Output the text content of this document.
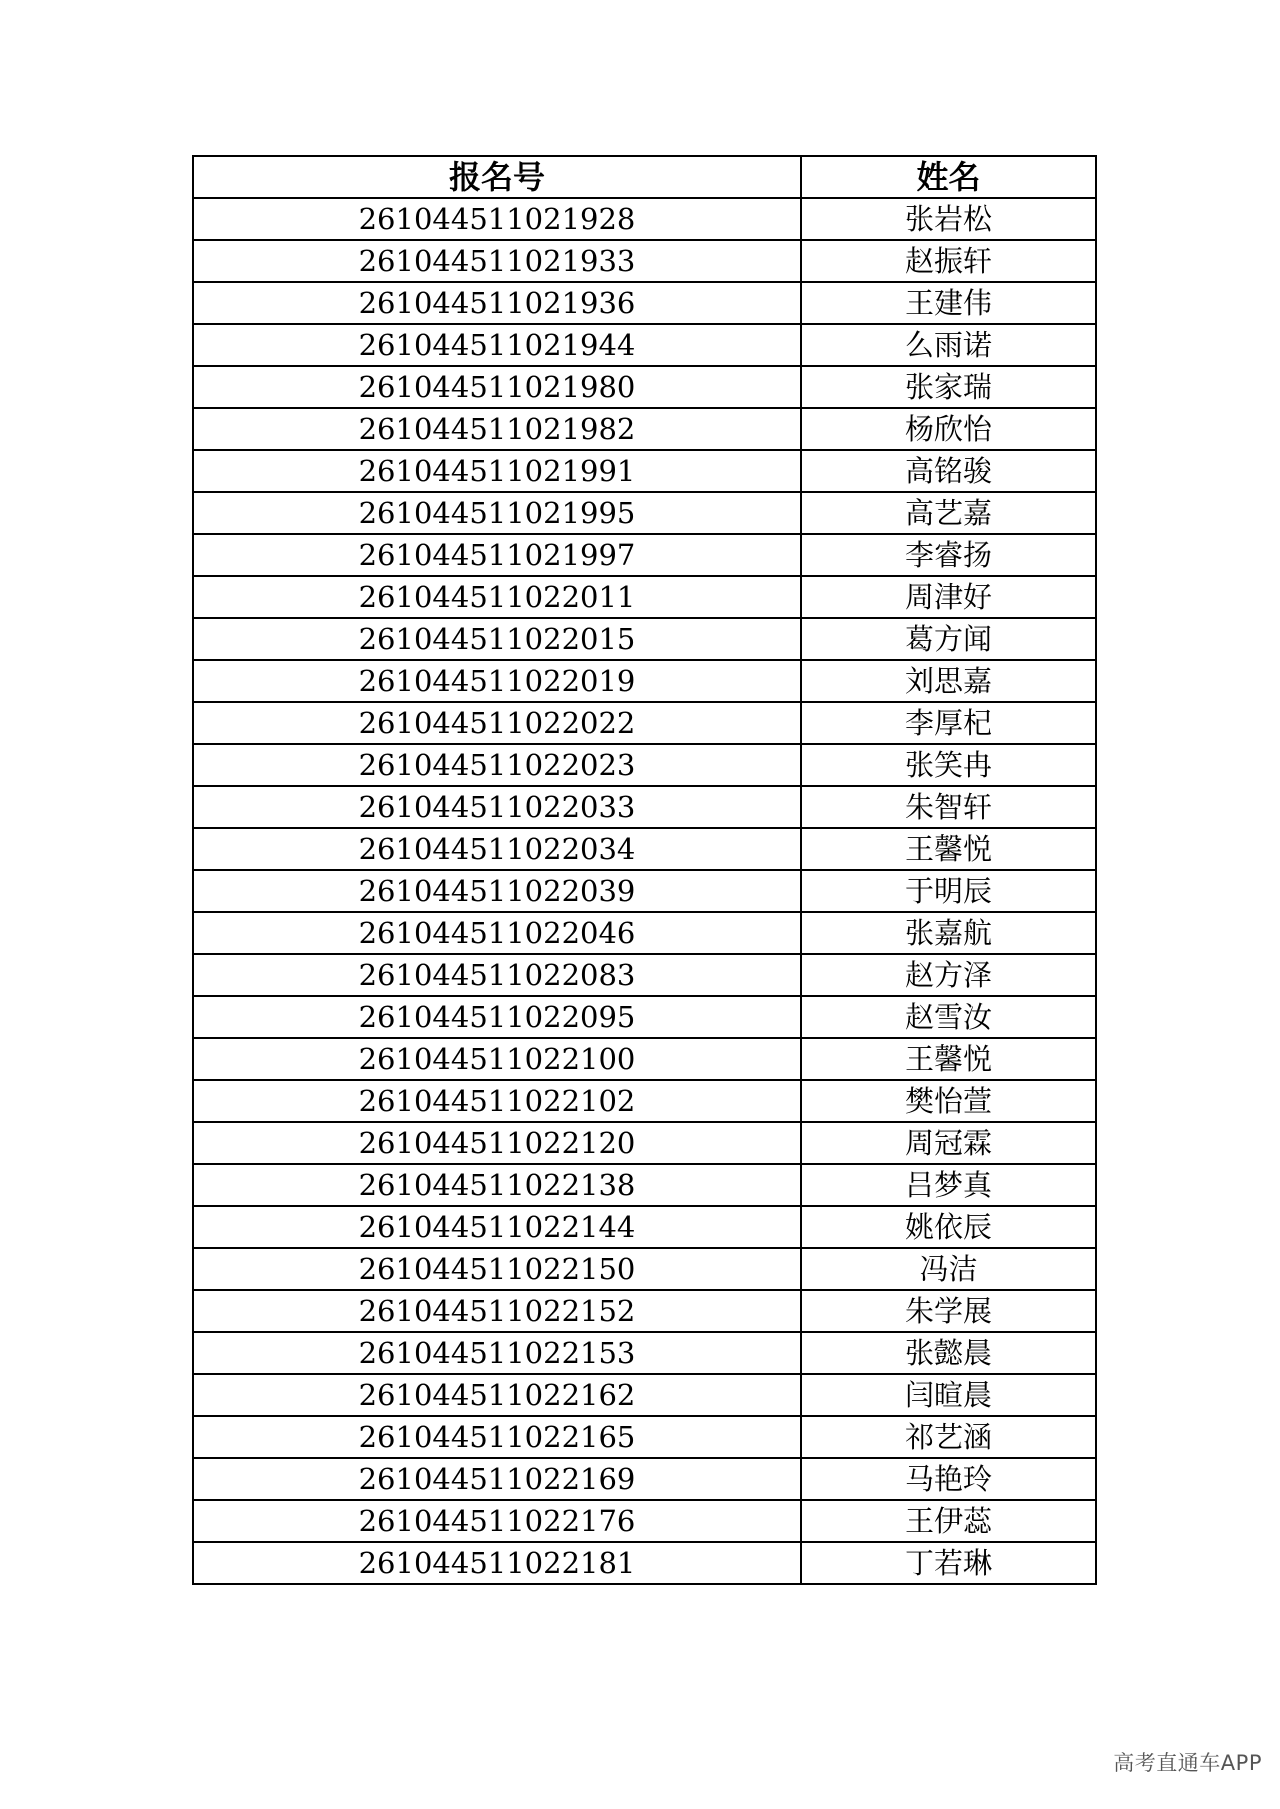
报名号	姓名
261044511021928	张岩松
261044511021933	赵振轩
261044511021936	王建伟
261044511021944	么雨诺
261044511021980	张家瑞
261044511021982	杨欣怡
261044511021991	高铭骏
261044511021995	高艺嘉
261044511021997	李睿扬
261044511022011	周津好
261044511022015	葛方闻
261044511022019	刘思嘉
261044511022022	李厚杞
261044511022023	张笑冉
261044511022033	朱智轩
261044511022034	王馨悦
261044511022039	于明辰
261044511022046	张嘉航
261044511022083	赵方泽
261044511022095	赵雪汝
261044511022100	王馨悦
261044511022102	樊怡萱
261044511022120	周冠霖
261044511022138	吕梦真
261044511022144	姚依辰
261044511022150	冯洁
261044511022152	朱学展
261044511022153	张懿晨
261044511022162	闫暄晨
261044511022165	祁艺涵
261044511022169	马艳玲
261044511022176	王伊蕊
261044511022181	丁若琳
高考直通车APP
